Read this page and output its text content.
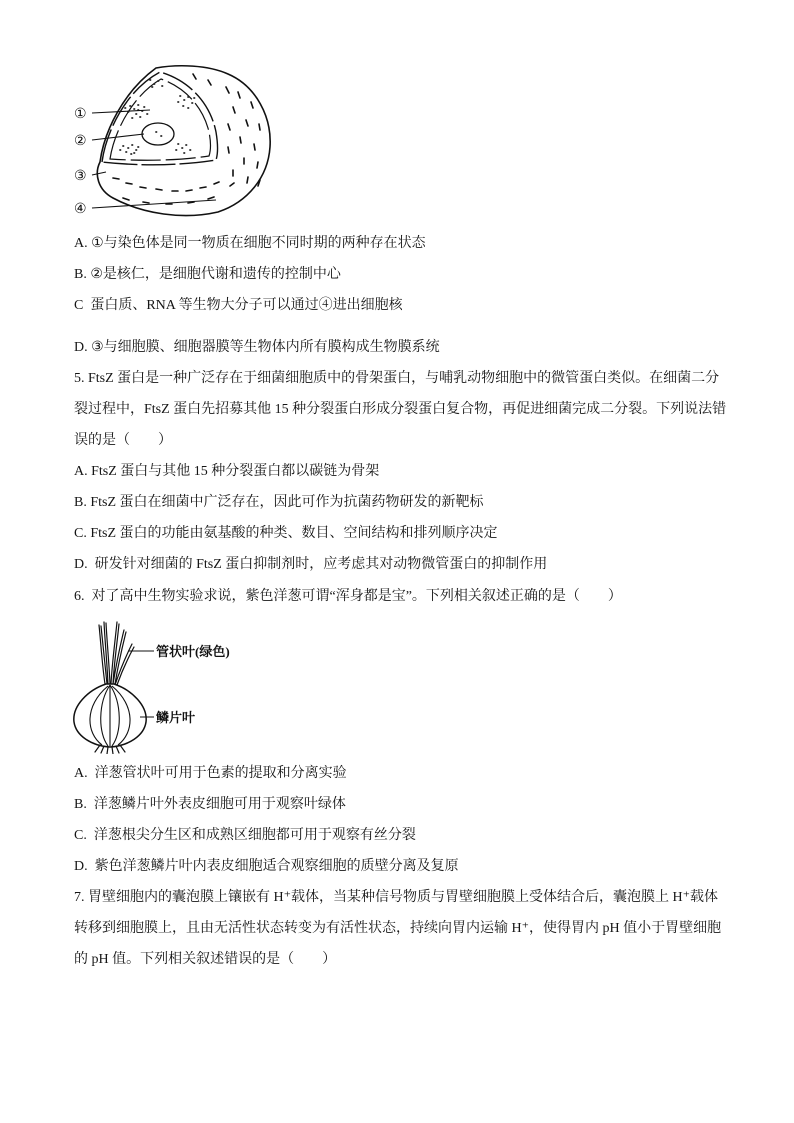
①
②
③
④
A. ①与染色体是同一物质在细胞不同时期的两种存在状态
B. ②是核仁，是细胞代谢和遗传的控制中心
C  蛋白质、RNA 等生物大分子可以通过④进出细胞核
D. ③与细胞膜、细胞器膜等生物体内所有膜构成生物膜系统
5. FtsZ 蛋白是一种广泛存在于细菌细胞质中的骨架蛋白，与哺乳动物细胞中的微管蛋白类似。在细菌二分
裂过程中，FtsZ 蛋白先招募其他 15 种分裂蛋白形成分裂蛋白复合物，再促进细菌完成二分裂。下列说法错
误的是（        ）
A. FtsZ 蛋白与其他 15 种分裂蛋白都以碳链为骨架
B. FtsZ 蛋白在细菌中广泛存在，因此可作为抗菌药物研发的新靶标
C. FtsZ 蛋白的功能由氨基酸的种类、数目、空间结构和排列顺序决定
D.  研发针对细菌的 FtsZ 蛋白抑制剂时，应考虑其对动物微管蛋白的抑制作用
6.  对了高中生物实验求说，紫色洋葱可谓“浑身都是宝”。下列相关叙述正确的是（        ）
管状叶(绿色)
鳞片叶
A.  洋葱管状叶可用于色素的提取和分离实验
B.  洋葱鳞片叶外表皮细胞可用于观察叶绿体
C.  洋葱根尖分生区和成熟区细胞都可用于观察有丝分裂
D.  紫色洋葱鳞片叶内表皮细胞适合观察细胞的质壁分离及复原
7. 胃壁细胞内的囊泡膜上镶嵌有 H⁺载体，当某种信号物质与胃壁细胞膜上受体结合后，囊泡膜上 H⁺载体
转移到细胞膜上，且由无活性状态转变为有活性状态，持续向胃内运输 H⁺，使得胃内 pH 值小于胃壁细胞
的 pH 值。下列相关叙述错误的是（        ）
